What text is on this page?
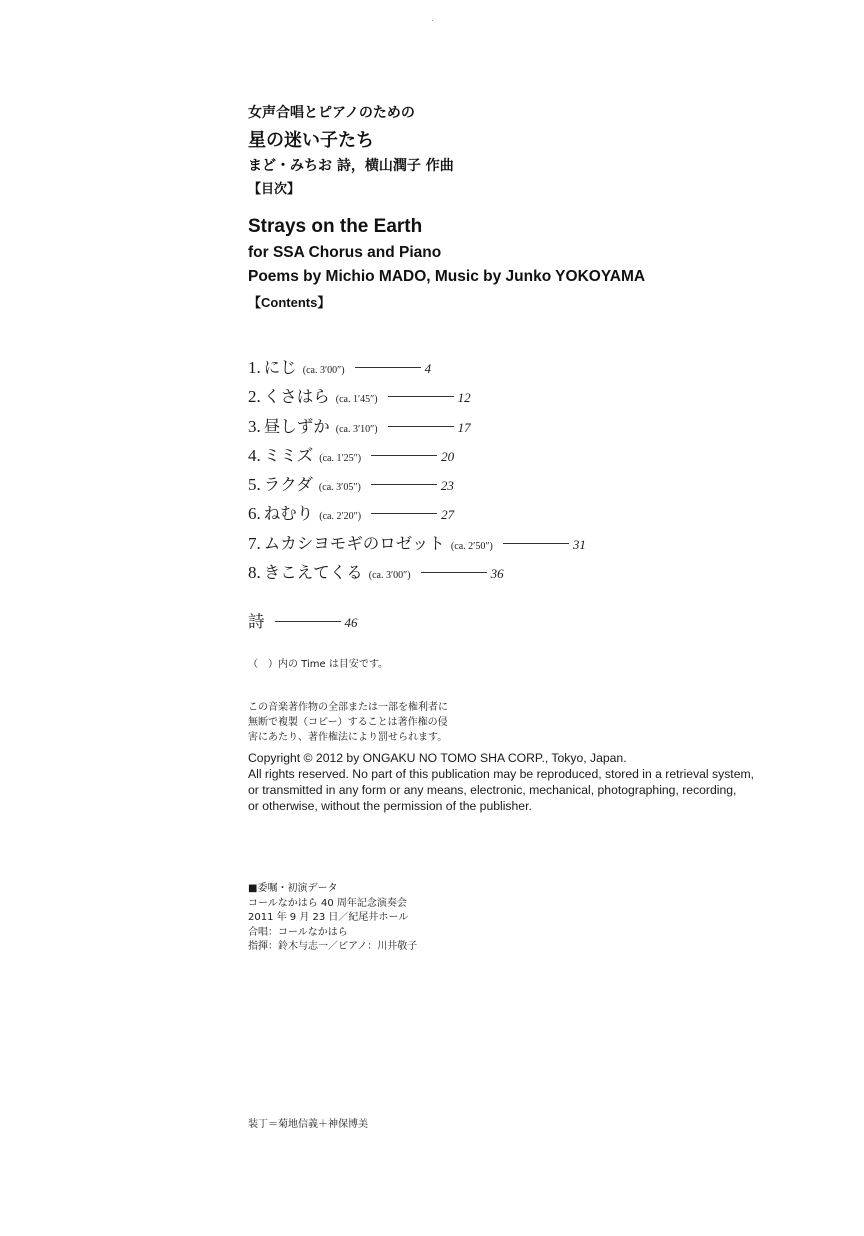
女声合唱とピアノのための
星の迷い子たち
まど・みちお 詩，横山潤子 作曲
【目次】
Strays on the Earth
for SSA Chorus and Piano
Poems by Michio MADO, Music by Junko YOKOYAMA
【Contents】
1. にじ (ca. 3′00″)	4
2. くさはら (ca. 1′45″)	12
3. 昼しずか (ca. 3′10″)	17
4. ミミズ (ca. 1′25″)	20
5. ラクダ (ca. 3′05″)	23
6. ねむり (ca. 2′20″)	27
7. ムカシヨモギのロゼット (ca. 2′50″)	31
8. きこえてくる (ca. 3′00″)	36
詩	46
（　）内の Time は目安です。
この音楽著作物の全部または一部を権利者に
無断で複製（コピー）することは著作権の侵
害にあたり、著作権法により罰せられます。
Copyright © 2012 by ONGAKU NO TOMO SHA CORP., Tokyo, Japan.
All rights reserved. No part of this publication may be reproduced, stored in a retrieval system,
or transmitted in any form or any means, electronic, mechanical, photographing, recording,
or otherwise, without the permission of the publisher.
■委嘱・初演データ
コールなかはら 40 周年記念演奏会
2011 年 9 月 23 日／紀尾井ホール
合唱：コールなかはら
指揮：鈴木与志一／ピアノ：川井敬子
装丁＝菊地信義＋神保博美
